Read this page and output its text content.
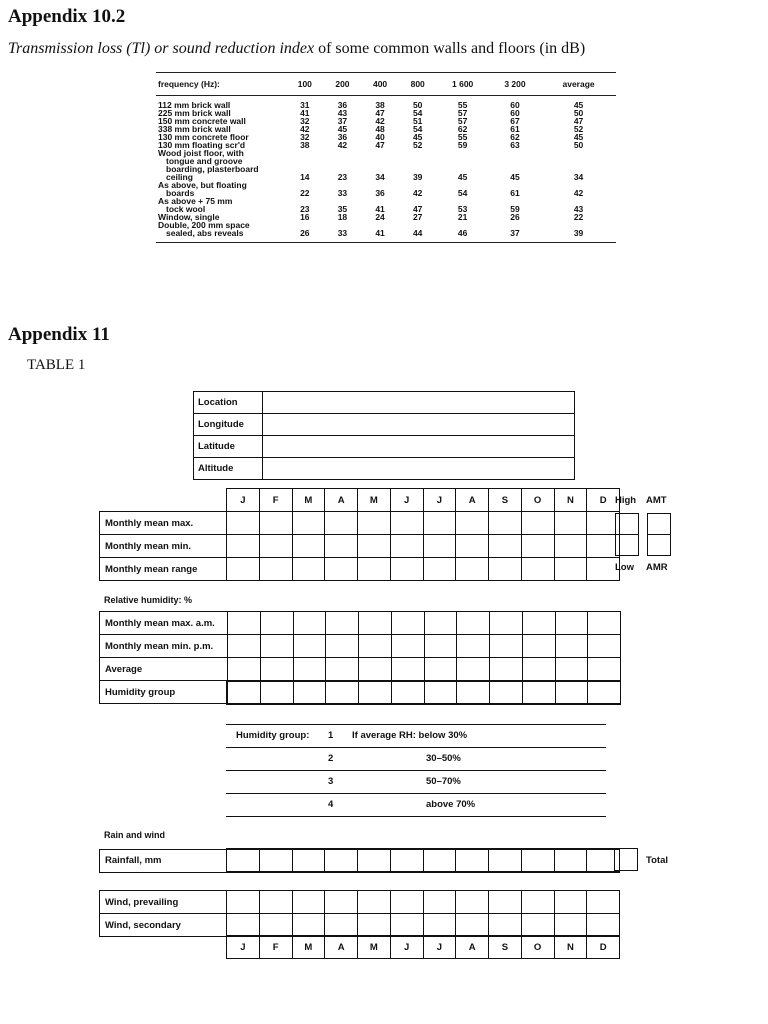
Appendix 10.2
Transmission loss (Tl) or sound reduction index of some common walls and floors (in dB)
frequency (Hz):	100	200	400	800	1 600	3 200	average
112 mm brick wall	31	36	38	50	55	60	45
225 mm brick wall	41	43	47	54	57	60	50
150 mm concrete wall	32	37	42	51	57	67	47
338 mm brick wall	42	45	48	54	62	61	52
130 mm concrete floor	32	36	40	45	55	62	45
130 mm floating scr'd	38	42	47	52	59	63	50
Wood joist floor, with							
tongue and groove							
boarding, plasterboard							
ceiling	14	23	34	39	45	45	34
As above, but floating							
boards	22	33	36	42	54	61	42
As above + 75 mm							
tock wool	23	35	41	47	53	59	43
Window, single	16	18	24	27	21	26	22
Double, 200 mm space							
sealed, abs reveals	26	33	41	44	46	37	39
Appendix 11
TABLE 1
Location	
Longitude	
Latitude	
Altitude	
	J	F	M	A	M	J	J	A	S	O	N	D
Monthly mean max.												
Monthly mean min.												
Monthly mean range												
High AMT
Low AMR
Relative humidity: %
Monthly mean max. a.m.												
Monthly mean min. p.m.												
Average												
Humidity group												
Humidity group: 1 If average RH: below 30%
2	30–50%
3	50–70%
4	above 70%
Rain and wind
Rainfall, mm													Total
Wind, prevailing												
Wind, secondary												
J	F	M	A	M	J	J	A	S	O	N	D
